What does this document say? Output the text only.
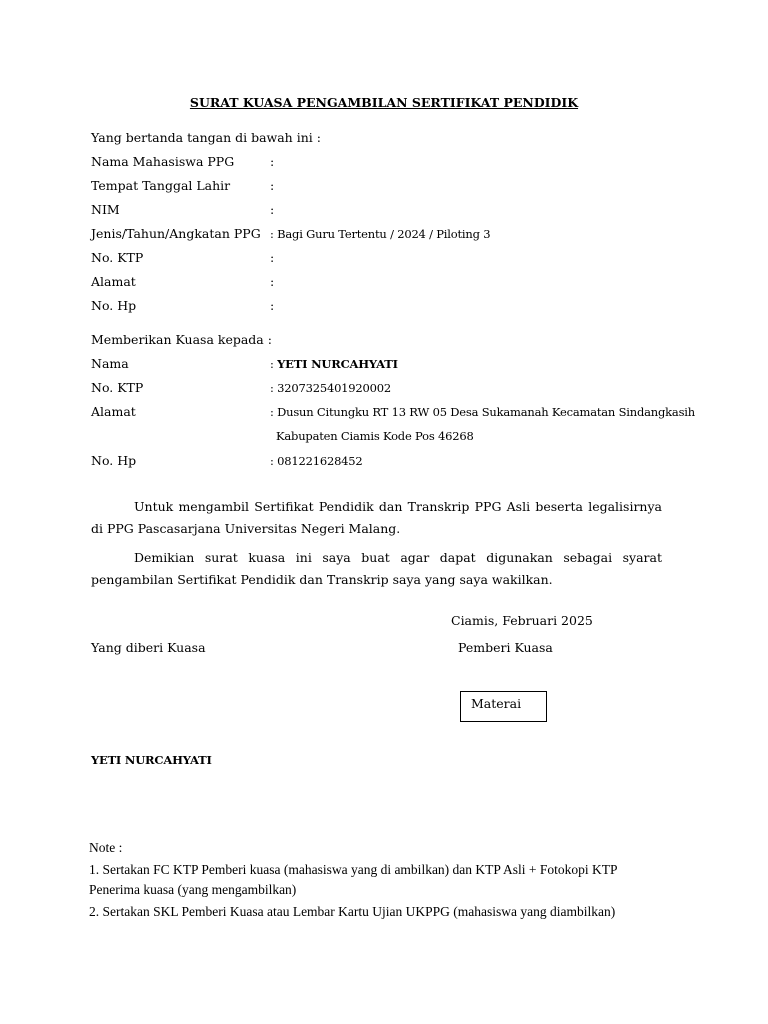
SURAT KUASA PENGAMBILAN SERTIFIKAT PENDIDIK
Yang bertanda tangan di bawah ini :
Nama Mahasiswa PPG	:
Tempat Tanggal Lahir	:
NIM	:
Jenis/Tahun/Angkatan PPG : Bagi Guru Tertentu / 2024 / Piloting 3
No. KTP	:
Alamat	:
No. Hp	:
Memberikan Kuasa kepada :
Nama	: YETI NURCAHYATI
No. KTP	: 3207325401920002
Alamat	: Dusun Citungku RT 13 RW 05 Desa Sukamanah Kecamatan Sindangkasih
Kabupaten Ciamis Kode Pos 46268
No. Hp	: 081221628452
Untuk mengambil Sertifikat Pendidik dan Transkrip PPG Asli beserta legalisirnya di PPG Pascasarjana Universitas Negeri Malang.
Demikian surat kuasa ini saya buat agar dapat digunakan sebagai syarat pengambilan Sertifikat Pendidik dan Transkrip saya yang saya wakilkan.
Ciamis, Februari 2025
Yang diberi Kuasa	Pemberi Kuasa
Materai
YETI NURCAHYATI
Note :
1. Sertakan FC KTP Pemberi kuasa (mahasiswa yang di ambilkan) dan KTP Asli + Fotokopi KTP
Penerima kuasa (yang mengambilkan)
2. Sertakan SKL Pemberi Kuasa atau Lembar Kartu Ujian UKPPG (mahasiswa yang diambilkan)
